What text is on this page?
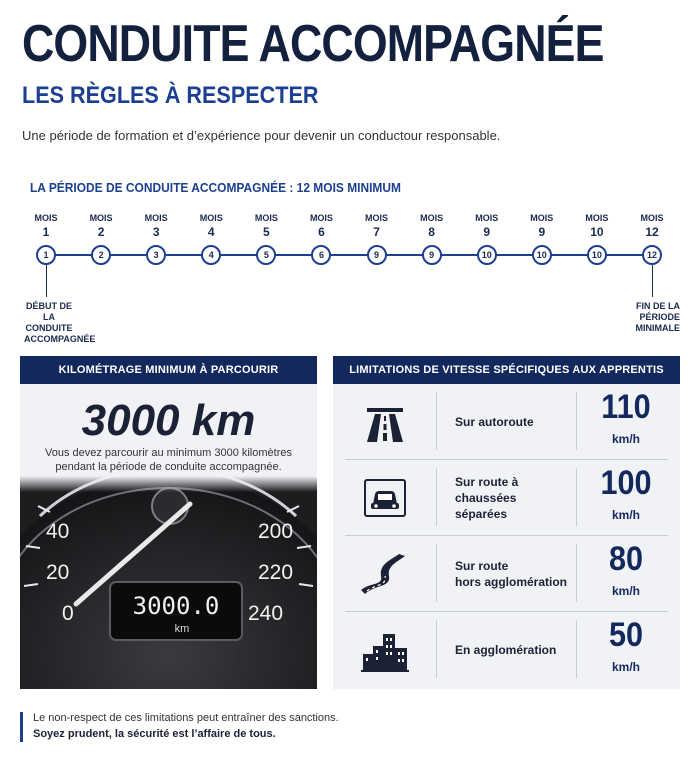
CONDUITE ACCOMPAGNÉE
LES RÈGLES À RESPECTER
Une période de formation et d’expérience pour devenir un conductour responsable.
LA PÉRIODE DE CONDUITE ACCOMPAGNÉE : 12 MOIS MINIMUM
MOIS
1
1
MOIS
2
2
MOIS
3
3
MOIS
4
4
MOIS
5
5
MOIS
6
6
MOIS
7
9
MOIS
8
9
MOIS
9
10
MOIS
9
10
MOIS
10
10
MOIS
12
12
DÉBUT DE LA
CONDUITE
ACCOMPAGNÉE
FIN DE LA PÉRIODE
MINIMALE
KILOMÉTRAGE MINIMUM À PARCOURIR
3000 km
Vous devez parcourir au minimum 3000 kilomètres
pendant la période de conduite accompagnée.
40
20
0
200
220
240
3000.0
km
LIMITATIONS DE VITESSE SPÉCIFIQUES AUX APPRENTIS
Sur autoroute	110
km/h
Sur route à
chaussées séparées
100
km/h
Sur route
hors agglomération
80
km/h
En agglomération	50
km/h
Le non-respect de ces limitations peut entraîner des sanctions.
Soyez prudent, la sécurité est l’affaire de tous.
